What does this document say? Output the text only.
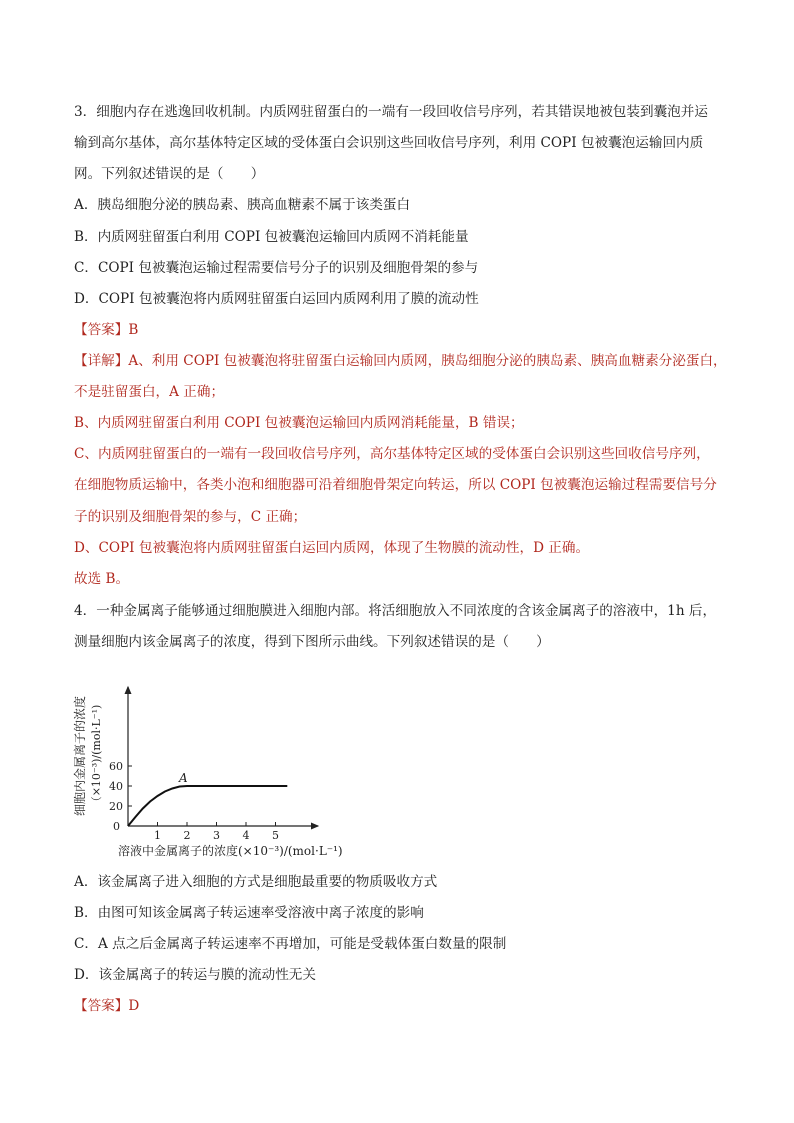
3．细胞内存在逃逸回收机制。内质网驻留蛋白的一端有一段回收信号序列，若其错误地被包装到囊泡并运
输到高尔基体，高尔基体特定区域的受体蛋白会识别这些回收信号序列，利用 COPI 包被囊泡运输回内质
网。下列叙述错误的是（　　）
A．胰岛细胞分泌的胰岛素、胰高血糖素不属于该类蛋白
B．内质网驻留蛋白利用 COPI 包被囊泡运输回内质网不消耗能量
C．COPI 包被囊泡运输过程需要信号分子的识别及细胞骨架的参与
D．COPI 包被囊泡将内质网驻留蛋白运回内质网利用了膜的流动性
【答案】B
【详解】A、利用 COPI 包被囊泡将驻留蛋白运输回内质网，胰岛细胞分泌的胰岛素、胰高血糖素分泌蛋白，
不是驻留蛋白，A 正确；
B、内质网驻留蛋白利用 COPI 包被囊泡运输回内质网消耗能量，B 错误；
C、内质网驻留蛋白的一端有一段回收信号序列，高尔基体特定区域的受体蛋白会识别这些回收信号序列，
在细胞物质运输中，各类小泡和细胞器可沿着细胞骨架定向转运，所以 COPI 包被囊泡运输过程需要信号分
子的识别及细胞骨架的参与，C 正确；
D、COPI 包被囊泡将内质网驻留蛋白运回内质网，体现了生物膜的流动性，D 正确。
故选 B。
4．一种金属离子能够通过细胞膜进入细胞内部。将活细胞放入不同浓度的含该金属离子的溶液中，1h 后，
测量细胞内该金属离子的浓度，得到下图所示曲线。下列叙述错误的是（　　）
1 2 3 4 5
20
40
60
A
0
细胞内金属离子的浓度 （×10⁻³)/(mol·L⁻¹)
溶液中金属离子的浓度(×10⁻³)/(mol·L⁻¹)
A．该金属离子进入细胞的方式是细胞最重要的物质吸收方式
B．由图可知该金属离子转运速率受溶液中离子浓度的影响
C．A 点之后金属离子转运速率不再增加，可能是受载体蛋白数量的限制
D．该金属离子的转运与膜的流动性无关
【答案】D
